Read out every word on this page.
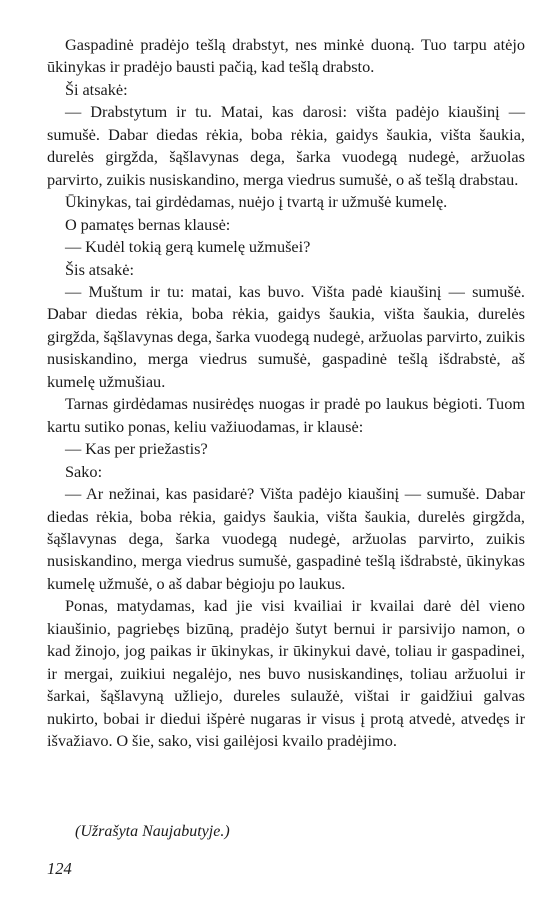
Gaspadinė pradėjo tešlą drabstyt, nes minkė duoną. Tuo tarpu atėjo ūkinykas ir pradėjo bausti pačią, kad tešlą drabsto.

Ši atsakė:

— Drabstytum ir tu. Matai, kas darosi: višta padėjo kiaušinį — sumušė. Dabar diedas rėkia, boba rėkia, gaidys šaukia, višta šaukia, durelės girgžda, šąšlavynas dega, šarka vuodegą nudegė, aržuolas parvirto, zuikis nusiskandino, merga viedrus sumušė, o aš tešlą drabstau.

Ūkinykas, tai girdėdamas, nuėjo į tvartą ir užmušė kumelę.

O pamatęs bernas klausė:

— Kudėl tokią gerą kumelę užmušei?

Šis atsakė:

— Muštum ir tu: matai, kas buvo. Višta padė kiaušinį — sumušė. Dabar diedas rėkia, boba rėkia, gaidys šaukia, višta šaukia, durelės girgžda, šąšlavynas dega, šarka vuodegą nudegė, aržuolas parvirto, zuikis nusiskandino, merga viedrus sumušė, gaspadinė tešlą išdrabstė, aš kumelę užmušiau.

Tarnas girdėdamas nusirėdęs nuogas ir pradė po laukus bėgioti. Tuom kartu sutiko ponas, keliu važiuodamas, ir klausė:

— Kas per priežastis?

Sako:

— Ar nežinai, kas pasidarė? Višta padėjo kiaušinį — sumušė. Dabar diedas rėkia, boba rėkia, gaidys šaukia, višta šaukia, durelės girgžda, šąšlavynas dega, šarka vuodegą nudegė, aržuolas parvirto, zuikis nusiskandino, merga viedrus sumušė, gaspadinė tešlą išdrabstė, ūkinykas kumelę užmušė, o aš dabar bėgioju po laukus.

Ponas, matydamas, kad jie visi kvailiai ir kvailai darė dėl vieno kiaušinio, pagriebęs bizūną, pradėjo šutyt bernui ir parsivijo namon, o kad žinojo, jog paikas ir ūkinykas, ir ūkinykui davė, toliau ir gaspadinei, ir mergai, zuikiui negalėjo, nes buvo nusiskandinęs, toliau aržuolui ir šarkai, šąšlavyną užliejo, dureles sulaužė, vištai ir gaidžiui galvas nukirto, bobai ir diedui išpėrė nugaras ir visus į protą atvedė, atvedęs ir išvažiavo. O šie, sako, visi gailėjosi kvailo pradėjimo.

(Užrašyta Naujabutyje.)
124
